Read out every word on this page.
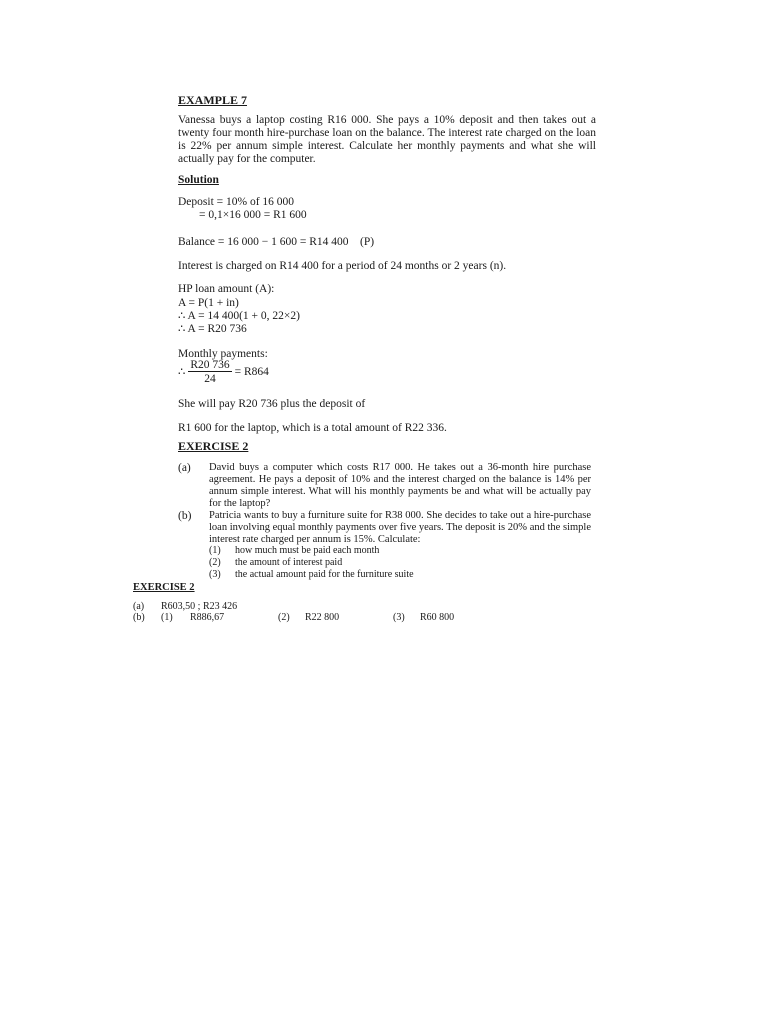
EXAMPLE 7
Vanessa buys a laptop costing R16 000. She pays a 10% deposit and then takes out a twenty four month hire-purchase loan on the balance. The interest rate charged on the loan is 22% per annum simple interest. Calculate her monthly payments and what she will actually pay for the computer.
Solution
Deposit = 10% of 16 000
= 0,1×16 000 = R1 600
Balance = 16 000 − 1 600 = R14 400    (P)
Interest is charged on R14 400 for a period of 24 months or 2 years (n).
HP loan amount (A):
A = P(1 + in)
∴ A = 14 400(1 + 0, 22×2)
∴ A = R20 736
Monthly payments:
∴ $\frac{R20 736}{24} = R864$
She will pay R20 736 plus the deposit of
R1 600 for the laptop, which is a total amount of R22 336.
EXERCISE 2
(a) David buys a computer which costs R17 000. He takes out a 36-month hire purchase agreement. He pays a deposit of 10% and the interest charged on the balance is 14% per annum simple interest. What will his monthly payments be and what will be actually pay for the laptop?
(b) Patricia wants to buy a furniture suite for R38 000. She decides to take out a hire-purchase loan involving equal monthly payments over five years. The deposit is 20% and the simple interest rate charged per annum is 15%. Calculate:
(1) how much must be paid each month
(2) the amount of interest paid
(3) the actual amount paid for the furniture suite
EXERCISE 2
(a) R603,50 ; R23 426
(b) (1) R886,67	(2) R22 800	(3) R60 800
